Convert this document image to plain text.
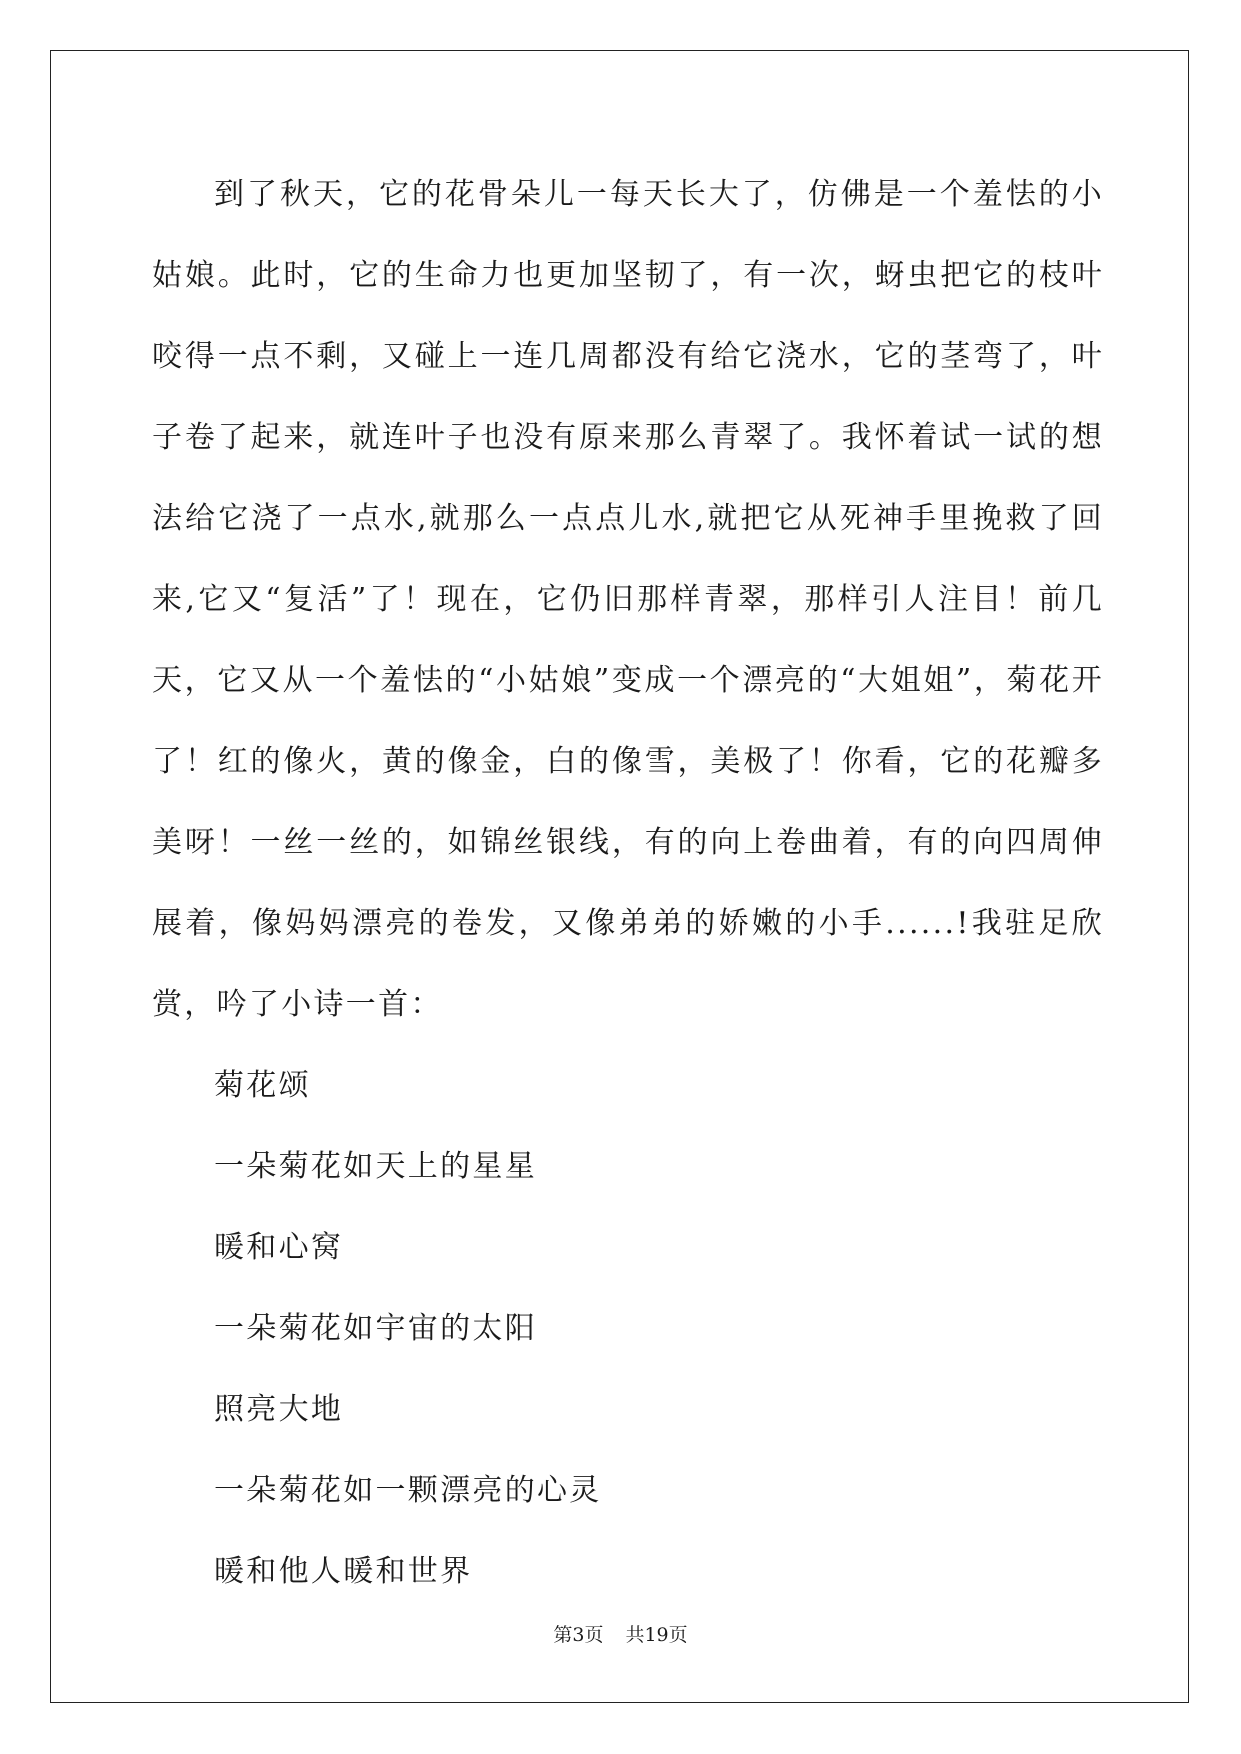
到了秋天，它的花骨朵儿一每天长大了，仿佛是一个羞怯的小姑娘。此时，它的生命力也更加坚韧了，有一次，蚜虫把它的枝叶咬得一点不剩，又碰上一连几周都没有给它浇水，它的茎弯了，叶子卷了起来，就连叶子也没有原来那么青翠了。我怀着试一试的想法给它浇了一点水,就那么一点点儿水,就把它从死神手里挽救了回来,它又“复活”了！现在，它仍旧那样青翠，那样引人注目！前几天，它又从一个羞怯的“小姑娘”变成一个漂亮的“大姐姐”，菊花开了！红的像火，黄的像金，白的像雪，美极了！你看，它的花瓣多美呀！一丝一丝的，如锦丝银线，有的向上卷曲着，有的向四周伸展着，像妈妈漂亮的卷发，又像弟弟的娇嫩的小手......!我驻足欣赏，吟了小诗一首：

菊花颂

一朵菊花如天上的星星

暖和心窝

一朵菊花如宇宙的太阳

照亮大地

一朵菊花如一颗漂亮的心灵

暖和他人暖和世界

第3页 共19页
